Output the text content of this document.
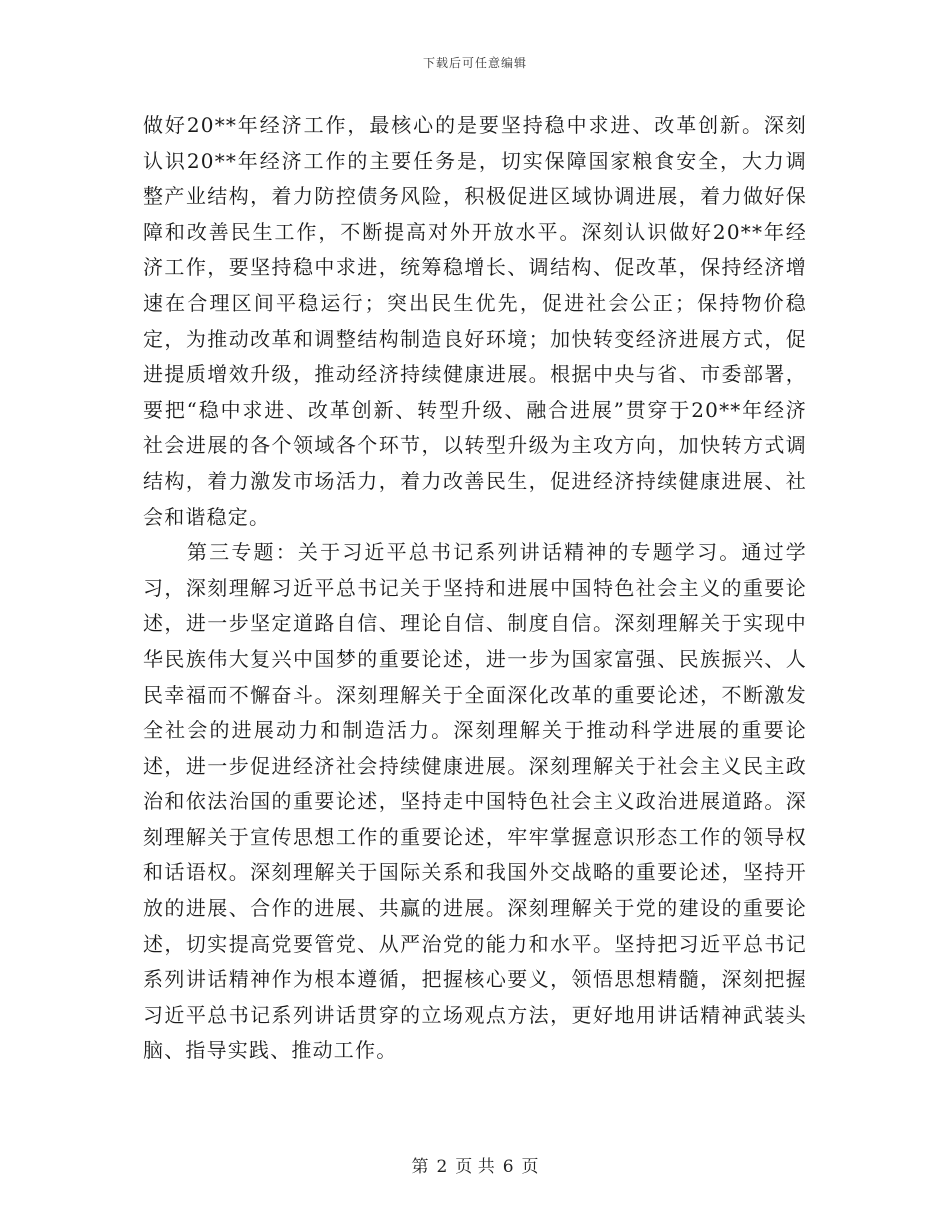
下载后可任意编辑

做好20**年经济工作，最核心的是要坚持稳中求进、改革创新。深刻认识20**年经济工作的主要任务是，切实保障国家粮食安全，大力调整产业结构，着力防控债务风险，积极促进区域协调进展，着力做好保障和改善民生工作，不断提高对外开放水平。深刻认识做好20**年经济工作，要坚持稳中求进，统筹稳增长、调结构、促改革，保持经济增速在合理区间平稳运行；突出民生优先，促进社会公正；保持物价稳定，为推动改革和调整结构制造良好环境；加快转变经济进展方式，促进提质增效升级，推动经济持续健康进展。根据中央与省、市委部署，要把“稳中求进、改革创新、转型升级、融合进展”贯穿于20**年经济社会进展的各个领域各个环节，以转型升级为主攻方向，加快转方式调结构，着力激发市场活力，着力改善民生，促进经济持续健康进展、社会和谐稳定。

第三专题：关于习近平总书记系列讲话精神的专题学习。通过学习，深刻理解习近平总书记关于坚持和进展中国特色社会主义的重要论述，进一步坚定道路自信、理论自信、制度自信。深刻理解关于实现中华民族伟大复兴中国梦的重要论述，进一步为国家富强、民族振兴、人民幸福而不懈奋斗。深刻理解关于全面深化改革的重要论述，不断激发全社会的进展动力和制造活力。深刻理解关于推动科学进展的重要论述，进一步促进经济社会持续健康进展。深刻理解关于社会主义民主政治和依法治国的重要论述，坚持走中国特色社会主义政治进展道路。深刻理解关于宣传思想工作的重要论述，牢牢掌握意识形态工作的领导权和话语权。深刻理解关于国际关系和我国外交战略的重要论述，坚持开放的进展、合作的进展、共赢的进展。深刻理解关于党的建设的重要论述，切实提高党要管党、从严治党的能力和水平。坚持把习近平总书记系列讲话精神作为根本遵循，把握核心要义，领悟思想精髓，深刻把握习近平总书记系列讲话贯穿的立场观点方法，更好地用讲话精神武装头脑、指导实践、推动工作。

第 2 页 共 6 页
